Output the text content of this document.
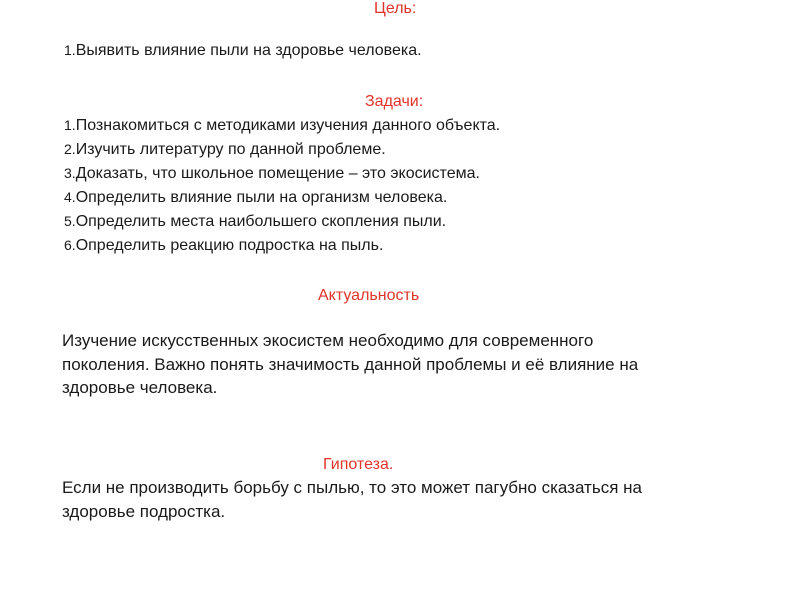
Цель:
1.Выявить влияние пыли на здоровье человека.
Задачи:
1.Познакомиться с методиками изучения данного объекта.
2.Изучить литературу по данной проблеме.
3.Доказать, что школьное помещение – это экосистема.
4.Определить влияние пыли на организм человека.
5.Определить места наибольшего скопления пыли.
6.Определить реакцию подростка на пыль.
Актуальность
Изучение искусственных экосистем необходимо для современного
поколения. Важно понять значимость данной проблемы и её влияние на
здоровье человека.
Гипотеза.
Если не производить борьбу с пылью, то это может пагубно сказаться на
здоровье подростка.
